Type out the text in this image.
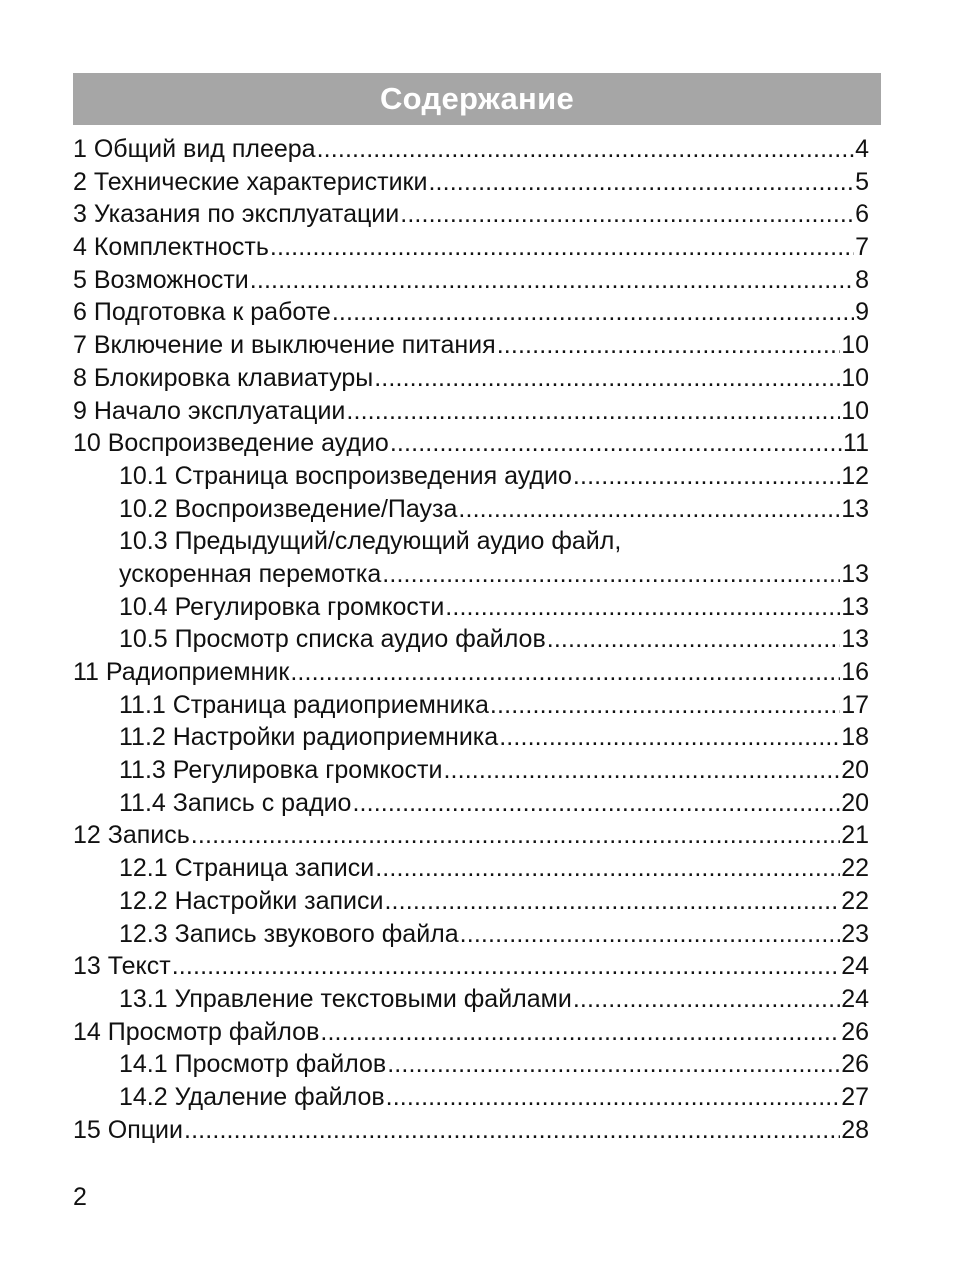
Содержание
1 Общий вид плеера . . .	4
2 Технические характеристики . . .	5
3 Указания по эксплуатации . . .	6
4 Комплектность . . .	7
5 Возможности . . .	8
6 Подготовка к работе . . .	9
7 Включение и выключение питания . . .	10
8 Блокировка клавиатуры . . .	10
9 Начало эксплуатации . . .	10
10 Воспроизведение аудио . . .	11
10.1 Страница воспроизведения аудио . . .	12
10.2 Воспроизведение/Пауза . . .	13
10.3 Предыдущий/следующий аудио файл,
ускоренная перемотка . . .	13
10.4 Регулировка громкости . . .	13
10.5 Просмотр списка аудио файлов . . .	13
11 Радиоприемник . . .	16
11.1 Страница радиоприемника . . .	17
11.2 Настройки радиоприемника . . .	18
11.3 Регулировка громкости . . .	20
11.4 Запись с радио . . .	20
12 Запись . . .	21
12.1 Страница записи . . .	22
12.2 Настройки записи . . .	22
12.3 Запись звукового файла . . .	23
13 Текст . . .	24
13.1 Управление текстовыми файлами . . .	24
14 Просмотр файлов . . .	26
14.1 Просмотр файлов . . .	26
14.2 Удаление файлов . . .	27
15 Опции . . .	28
2
